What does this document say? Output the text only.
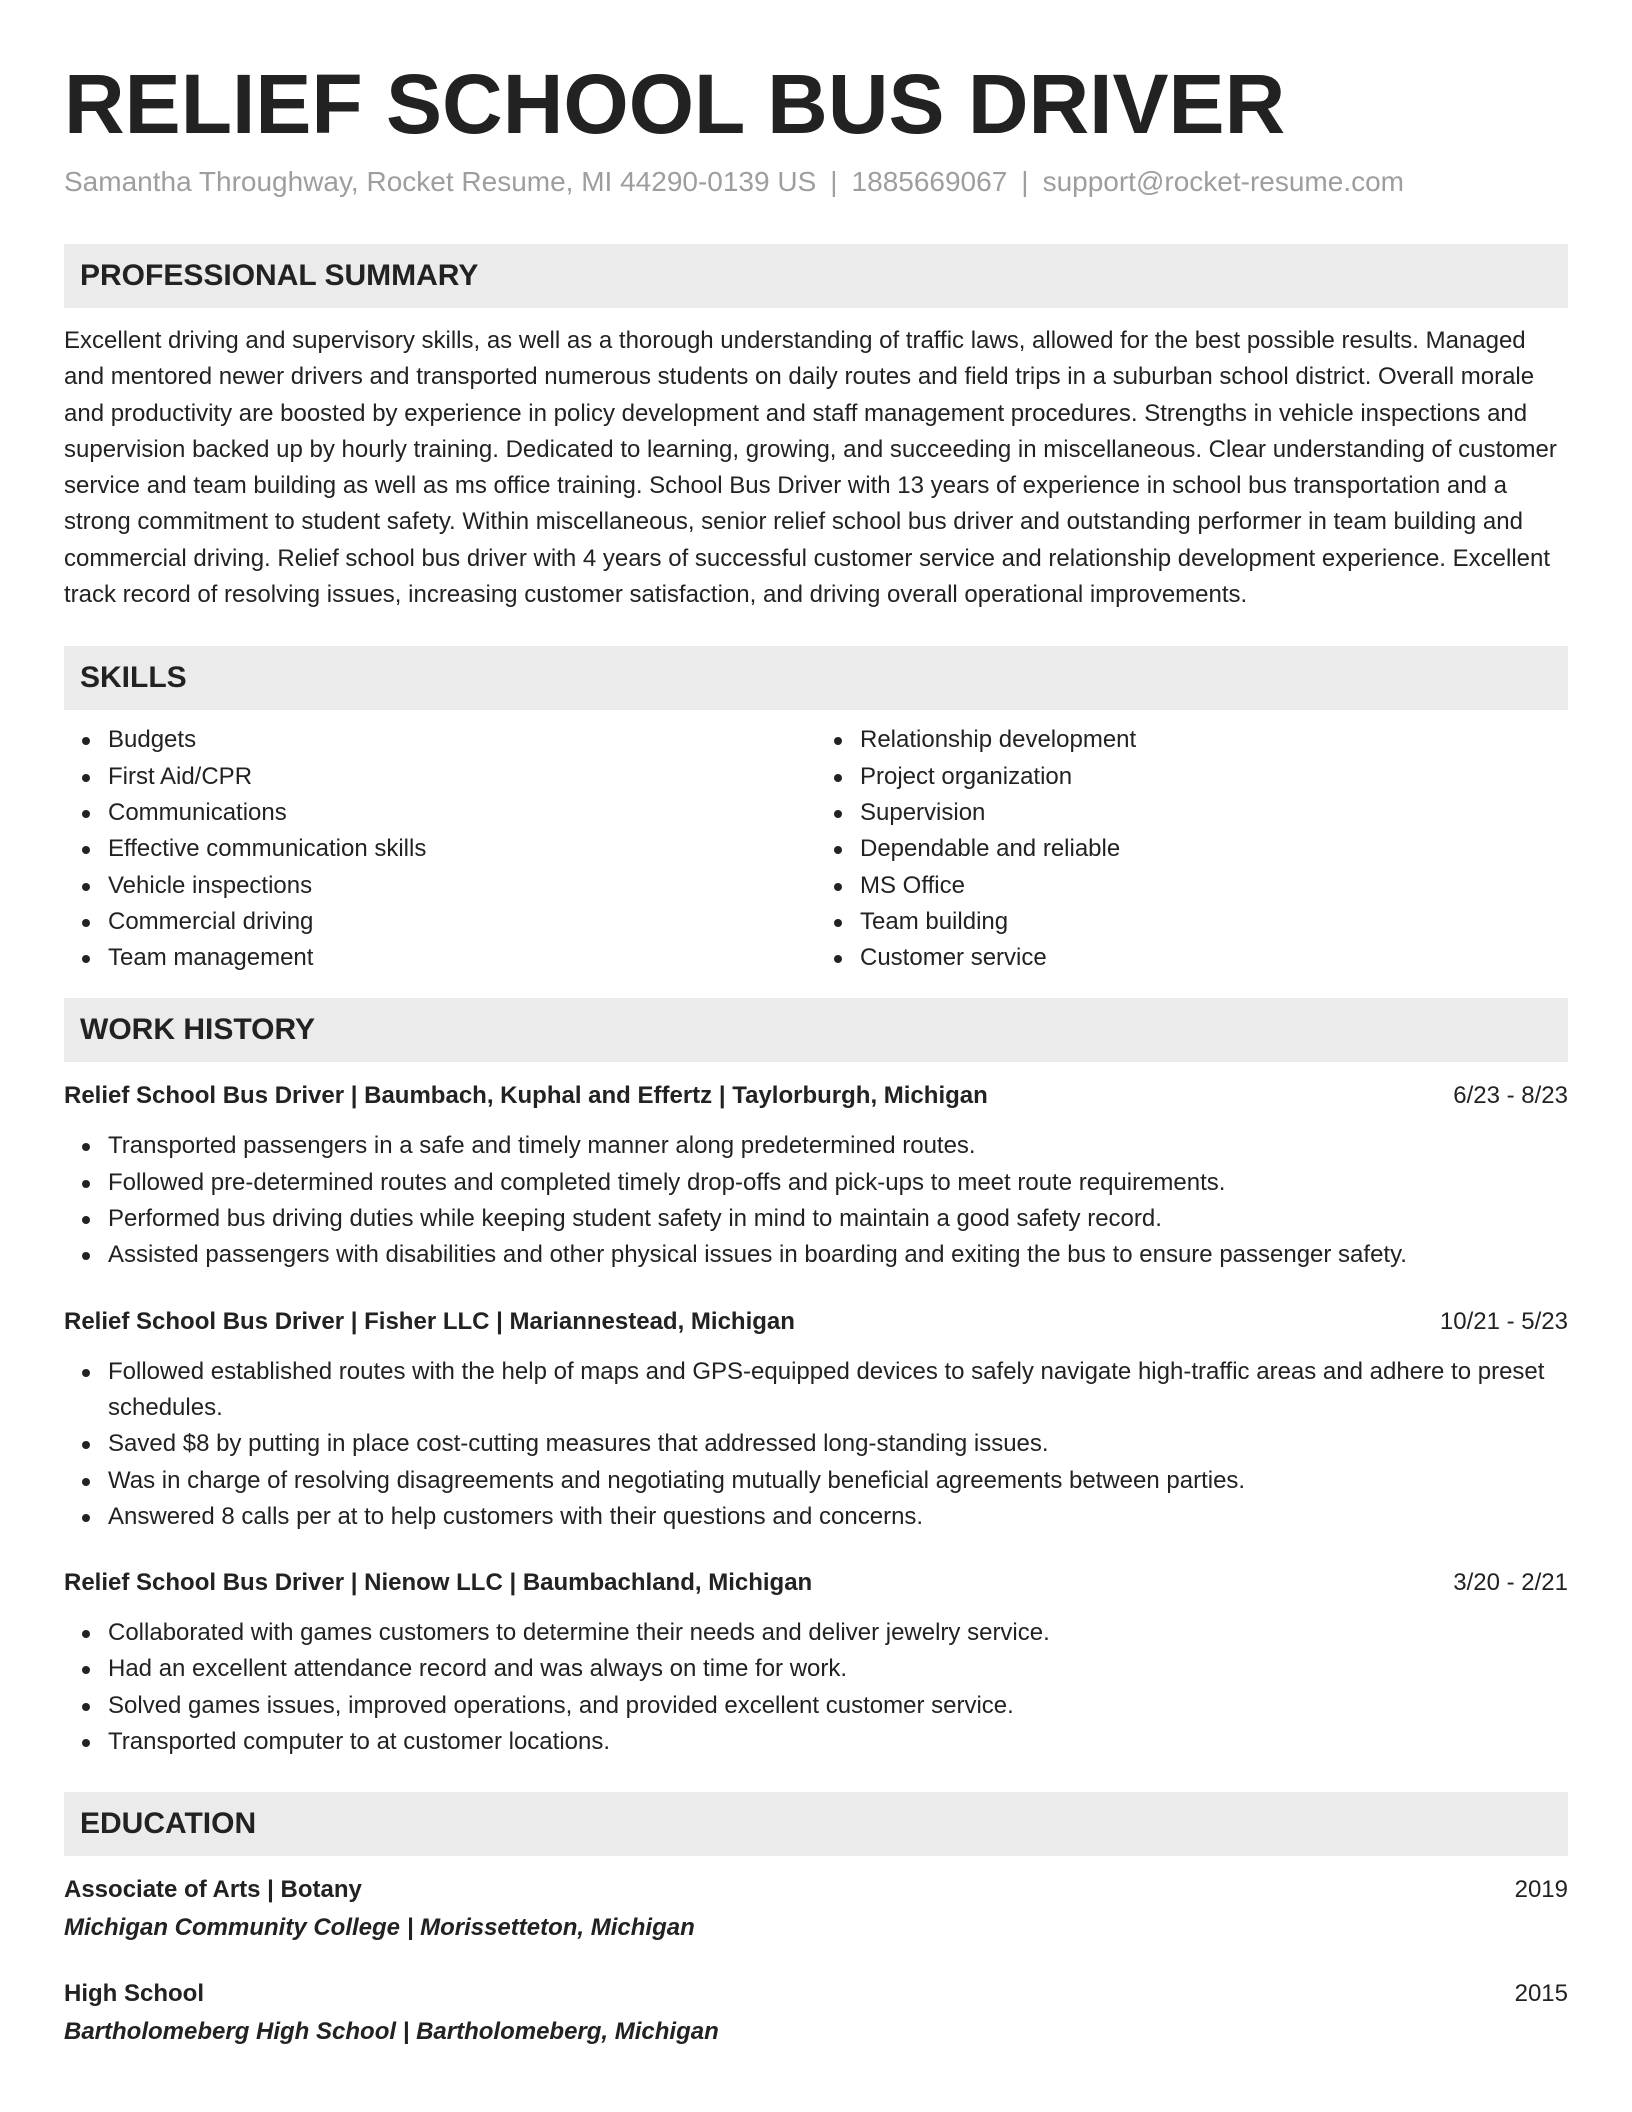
RELIEF SCHOOL BUS DRIVER
Samantha Throughway, Rocket Resume, MI 44290-0139 US | 1885669067 | support@rocket-resume.com
PROFESSIONAL SUMMARY

Excellent driving and supervisory skills, as well as a thorough understanding of traffic laws, allowed for the best possible results. Managed and mentored newer drivers and transported numerous students on daily routes and field trips in a suburban school district. Overall morale and productivity are boosted by experience in policy development and staff management procedures. Strengths in vehicle inspections and supervision backed up by hourly training. Dedicated to learning, growing, and succeeding in miscellaneous. Clear understanding of customer service and team building as well as ms office training. School Bus Driver with 13 years of experience in school bus transportation and a strong commitment to student safety. Within miscellaneous, senior relief school bus driver and outstanding performer in team building and commercial driving. Relief school bus driver with 4 years of successful customer service and relationship development experience. Excellent track record of resolving issues, increasing customer satisfaction, and driving overall operational improvements.

SKILLS
Budgets
First Aid/CPR
Communications
Effective communication skills
Vehicle inspections
Commercial driving
Team management
Relationship development
Project organization
Supervision
Dependable and reliable
MS Office
Team building
Customer service
WORK HISTORY
Relief School Bus Driver | Baumbach, Kuphal and Effertz | Taylorburgh, Michigan	6/23 - 8/23
Transported passengers in a safe and timely manner along predetermined routes.
Followed pre-determined routes and completed timely drop-offs and pick-ups to meet route requirements.
Performed bus driving duties while keeping student safety in mind to maintain a good safety record.
Assisted passengers with disabilities and other physical issues in boarding and exiting the bus to ensure passenger safety.
Relief School Bus Driver | Fisher LLC | Mariannestead, Michigan	10/21 - 5/23
Followed established routes with the help of maps and GPS-equipped devices to safely navigate high-traffic areas and adhere to preset schedules.
Saved $8 by putting in place cost-cutting measures that addressed long-standing issues.
Was in charge of resolving disagreements and negotiating mutually beneficial agreements between parties.
Answered 8 calls per at to help customers with their questions and concerns.
Relief School Bus Driver | Nienow LLC | Baumbachland, Michigan	3/20 - 2/21
Collaborated with games customers to determine their needs and deliver jewelry service.
Had an excellent attendance record and was always on time for work.
Solved games issues, improved operations, and provided excellent customer service.
Transported computer to at customer locations.
EDUCATION
Associate of Arts | Botany	2019
Michigan Community College | Morissetteton, Michigan
High School	2015
Bartholomeberg High School | Bartholomeberg, Michigan
